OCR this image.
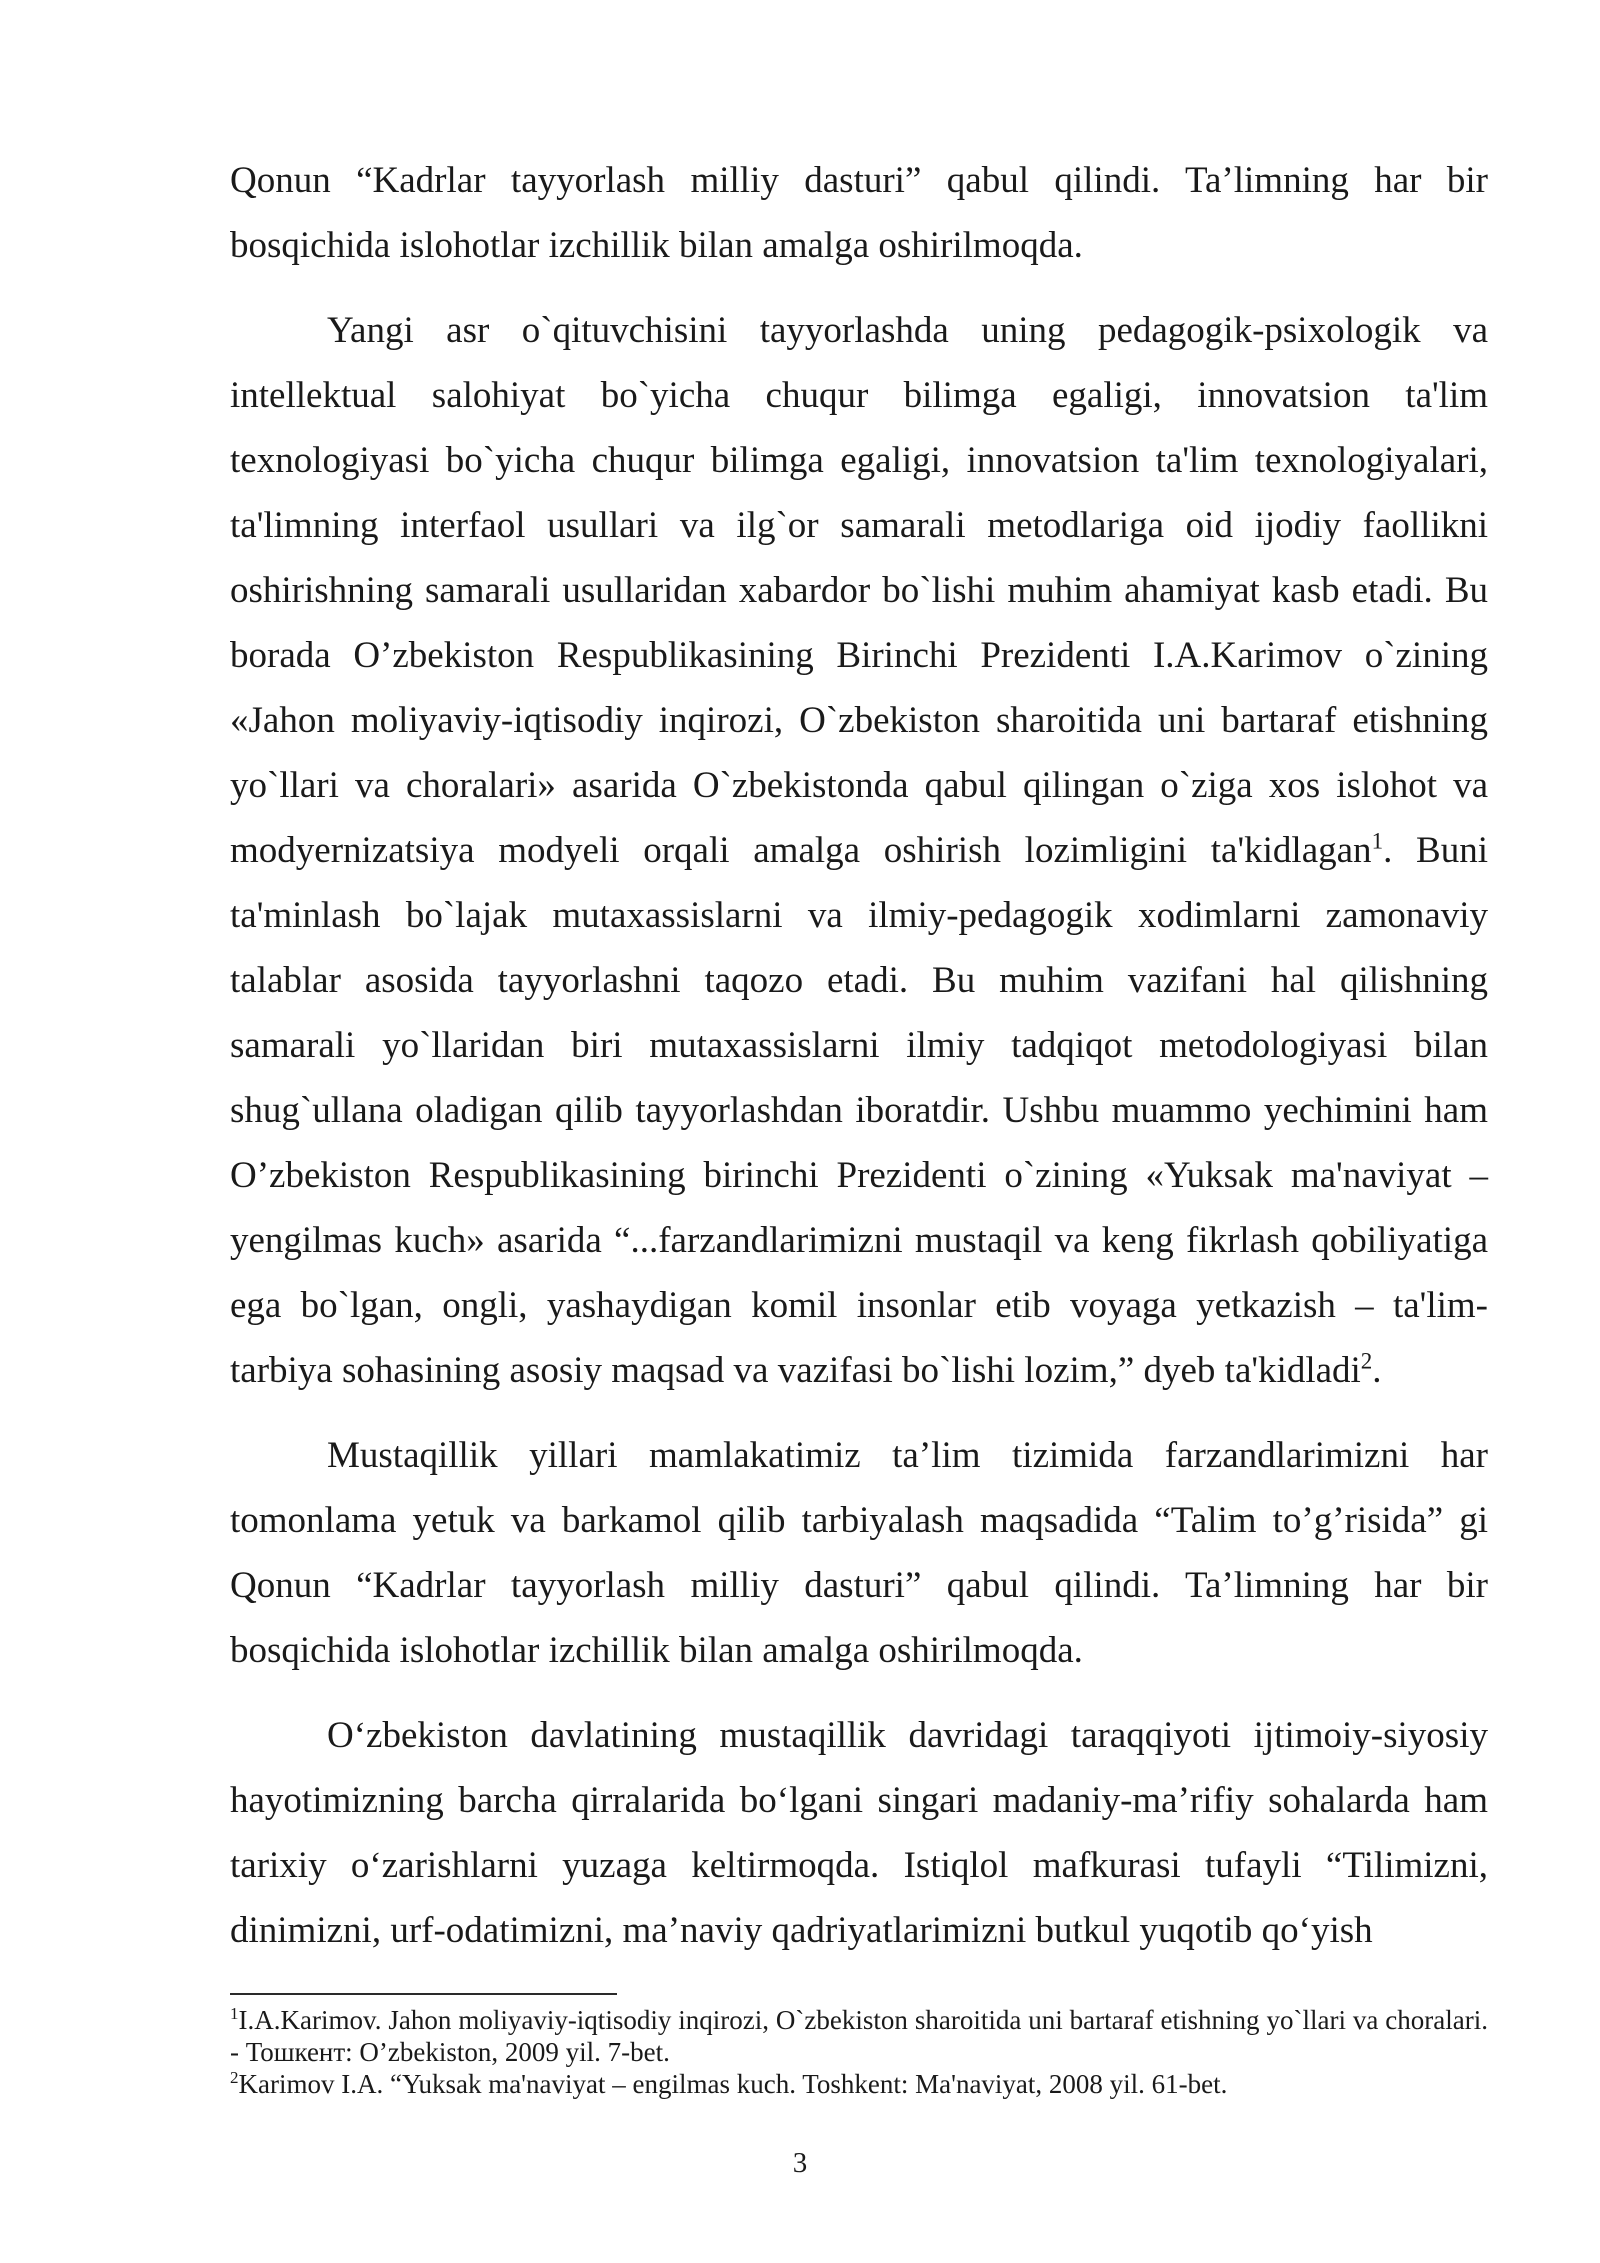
Qonun “Kadrlar tayyorlash milliy dasturi” qabul qilindi. Ta’limning har bir bosqichida islohotlar izchillik bilan amalga oshirilmoqda.

Yangi asr o`qituvchisini tayyorlashda uning pedagogik-psixologik va intellektual salohiyat bo`yicha chuqur bilimga egaligi, innovatsion ta'lim texnologiyasi bo`yicha chuqur bilimga egaligi, innovatsion ta'lim texnologiyalari, ta'limning interfaol usullari va ilg`or samarali metodlariga oid ijodiy faollikni oshirishning samarali usullaridan xabardor bo`lishi muhim ahamiyat kasb etadi. Bu borada O’zbekiston Respublikasining Birinchi Prezidenti I.A.Karimov o`zining «Jahon moliyaviy-iqtisodiy inqirozi, O`zbekiston sharoitida uni bartaraf etishning yo`llari va choralari» asarida O`zbekistonda qabul qilingan o`ziga xos islohot va modyernizatsiya modyeli orqali amalga oshirish lozimligini ta'kidlagan$^1$. Buni ta'minlash bo`lajak mutaxassislarni va ilmiy-pedagogik xodimlarni zamonaviy talablar asosida tayyorlashni taqozo etadi. Bu muhim vazifani hal qilishning samarali yo`llaridan biri mutaxassislarni ilmiy tadqiqot metodologiyasi bilan shug`ullana oladigan qilib tayyorlashdan iboratdir. Ushbu muammo yechimini ham O’zbekiston Respublikasining birinchi Prezidenti o`zining «Yuksak ma'naviyat – yengilmas kuch» asarida “...farzandlarimizni mustaqil va keng fikrlash qobiliyatiga ega bo`lgan, ongli, yashaydigan komil insonlar etib voyaga yetkazish – ta'lim-tarbiya sohasining asosiy maqsad va vazifasi bo`lishi lozim,” dyeb ta'kidladi$^2$.

Mustaqillik yillari mamlakatimiz ta’lim tizimida farzandlarimizni har tomonlama yetuk va barkamol qilib tarbiyalash maqsadida “Talim to’g’risida” gi Qonun “Kadrlar tayyorlash milliy dasturi” qabul qilindi. Ta’limning har bir bosqichida islohotlar izchillik bilan amalga oshirilmoqda.

O‘zbekiston davlatining mustaqillik davridagi taraqqiyoti ijtimoiy-siyosiy hayotimizning barcha qirralarida bo‘lgani singari madaniy-ma’rifiy sohalarda ham tarixiy o‘zarishlarni yuzaga keltirmoqda. Istiqlol mafkurasi tufayli “Tilimizni, dinimizni, urf-odatimizni, ma’naviy qadriyatlarimizni butkul yuqotib qo‘yish

$^1$I.A.Karimov. Jahon moliyaviy-iqtisodiy inqirozi, O`zbekiston sharoitida uni bartaraf etishning yo`llari va choralari. - Тошкент: O’zbekiston, 2009 yil. 7-bet.

$^2$Karimov I.A. “Yuksak ma'naviyat – engilmas kuch. Toshkent: Ma'naviyat, 2008 yil. 61-bet.

3
